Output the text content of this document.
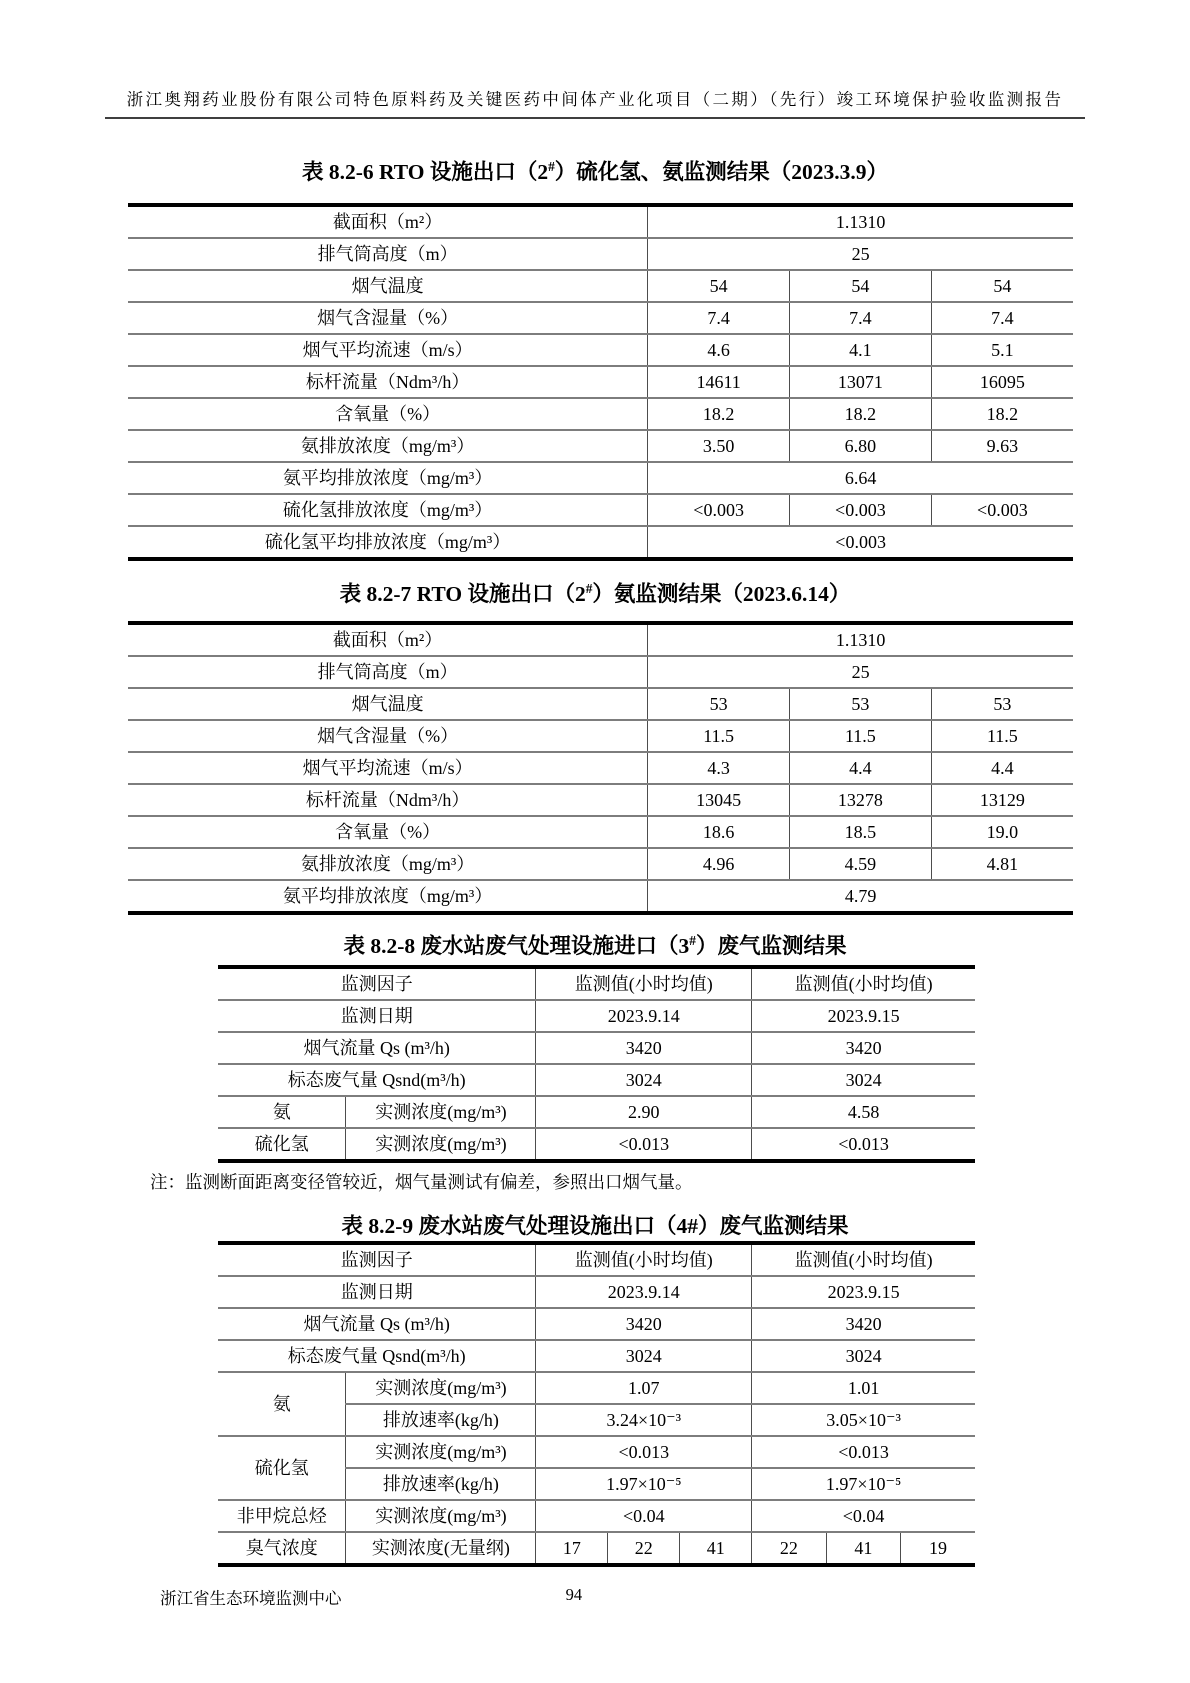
浙江奥翔药业股份有限公司特色原料药及关键医药中间体产业化项目（二期）（先行）竣工环境保护验收监测报告
表 8.2-6 RTO 设施出口（2#）硫化氢、氨监测结果（2023.3.9）
截面积（m²）	1.1310		
排气筒高度（m）	25		
烟气温度	54	54	54
烟气含湿量（%）	7.4	7.4	7.4
烟气平均流速（m/s）	4.6	4.1	5.1
标杆流量（Ndm³/h）	14611	13071	16095
含氧量（%）	18.2	18.2	18.2
氨排放浓度（mg/m³）	3.50	6.80	9.63
氨平均排放浓度（mg/m³）	6.64		
硫化氢排放浓度（mg/m³）	<0.003	<0.003	<0.003
硫化氢平均排放浓度（mg/m³）	<0.003		
表 8.2-7 RTO 设施出口（2#）氨监测结果（2023.6.14）
截面积（m²）	1.1310		
排气筒高度（m）	25		
烟气温度	53	53	53
烟气含湿量（%）	11.5	11.5	11.5
烟气平均流速（m/s）	4.3	4.4	4.4
标杆流量（Ndm³/h）	13045	13278	13129
含氧量（%）	18.6	18.5	19.0
氨排放浓度（mg/m³）	4.96	4.59	4.81
氨平均排放浓度（mg/m³）	4.79		
表 8.2-8 废水站废气处理设施进口（3#）废气监测结果
监测因子		监测值(小时均值)	监测值(小时均值)
监测日期		2023.9.14	2023.9.15
烟气流量 Qs (m³/h)		3420	3420
标态废气量 Qsnd(m³/h)		3024	3024
氨	实测浓度(mg/m³)	2.90	4.58
硫化氢	实测浓度(mg/m³)	<0.013	<0.013

注：监测断面距离变径管较近，烟气量测试有偏差，参照出口烟气量。

表 8.2-9 废水站废气处理设施出口（4#）废气监测结果
监测因子		监测值(小时均值)			监测值(小时均值)		
监测日期		2023.9.14			2023.9.15		
烟气流量 Qs (m³/h)		3420			3420		
标态废气量 Qsnd(m³/h)		3024			3024		
氨	实测浓度(mg/m³)	1.07			1.01		
	排放速率(kg/h)	3.24×10⁻³			3.05×10⁻³		
硫化氢	实测浓度(mg/m³)	<0.013			<0.013		
	排放速率(kg/h)	1.97×10⁻⁵			1.97×10⁻⁵		
非甲烷总烃	实测浓度(mg/m³)	<0.04			<0.04		
臭气浓度	实测浓度(无量纲)	17	22	41	22	41	19
浙江省生态环境监测中心	94
